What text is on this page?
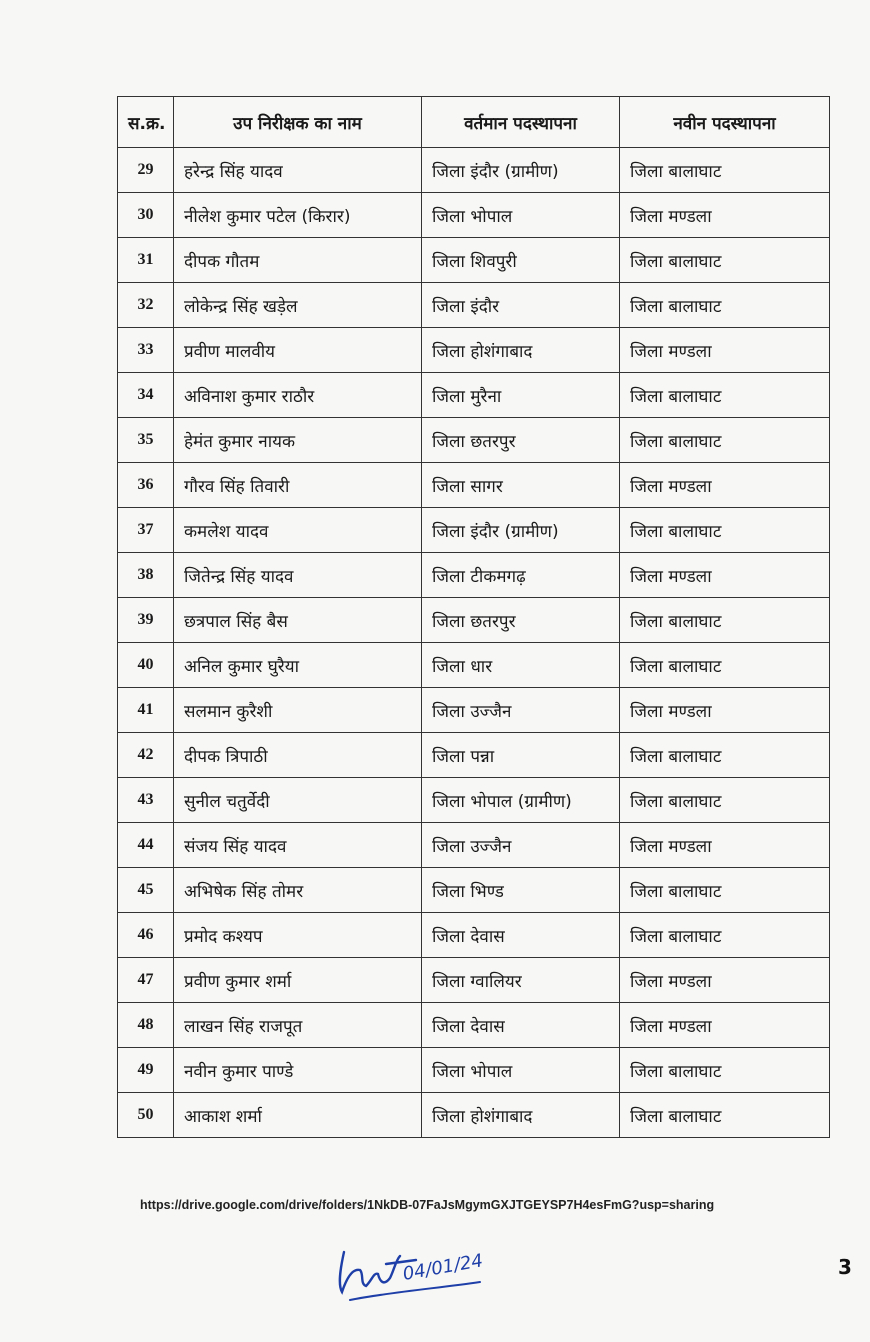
स.क्र.	उप निरीक्षक का नाम	वर्तमान पदस्थापना	नवीन पदस्थापना
29	हरेन्द्र सिंह यादव	जिला इंदौर (ग्रामीण)	जिला बालाघाट
30	नीलेश कुमार पटेल (किरार)	जिला भोपाल	जिला मण्डला
31	दीपक गौतम	जिला शिवपुरी	जिला बालाघाट
32	लोकेन्द्र सिंह खड़ेल	जिला इंदौर	जिला बालाघाट
33	प्रवीण मालवीय	जिला होशंगाबाद	जिला मण्डला
34	अविनाश कुमार राठौर	जिला मुरैना	जिला बालाघाट
35	हेमंत कुमार नायक	जिला छतरपुर	जिला बालाघाट
36	गौरव सिंह तिवारी	जिला सागर	जिला मण्डला
37	कमलेश यादव	जिला इंदौर (ग्रामीण)	जिला बालाघाट
38	जितेन्द्र सिंह यादव	जिला टीकमगढ़	जिला मण्डला
39	छत्रपाल सिंह बैस	जिला छतरपुर	जिला बालाघाट
40	अनिल कुमार घुरैया	जिला धार	जिला बालाघाट
41	सलमान कुरैशी	जिला उज्जैन	जिला मण्डला
42	दीपक त्रिपाठी	जिला पन्ना	जिला बालाघाट
43	सुनील चतुर्वेदी	जिला भोपाल (ग्रामीण)	जिला बालाघाट
44	संजय सिंह यादव	जिला उज्जैन	जिला मण्डला
45	अभिषेक सिंह तोमर	जिला भिण्ड	जिला बालाघाट
46	प्रमोद कश्यप	जिला देवास	जिला बालाघाट
47	प्रवीण कुमार शर्मा	जिला ग्वालियर	जिला मण्डला
48	लाखन सिंह राजपूत	जिला देवास	जिला मण्डला
49	नवीन कुमार पाण्डे	जिला भोपाल	जिला बालाघाट
50	आकाश शर्मा	जिला होशंगाबाद	जिला बालाघाट
https://drive.google.com/drive/folders/1NkDB-07FaJsMgymGXJTGEYSP7H4esFmG?usp=sharing
04/01/24	3
